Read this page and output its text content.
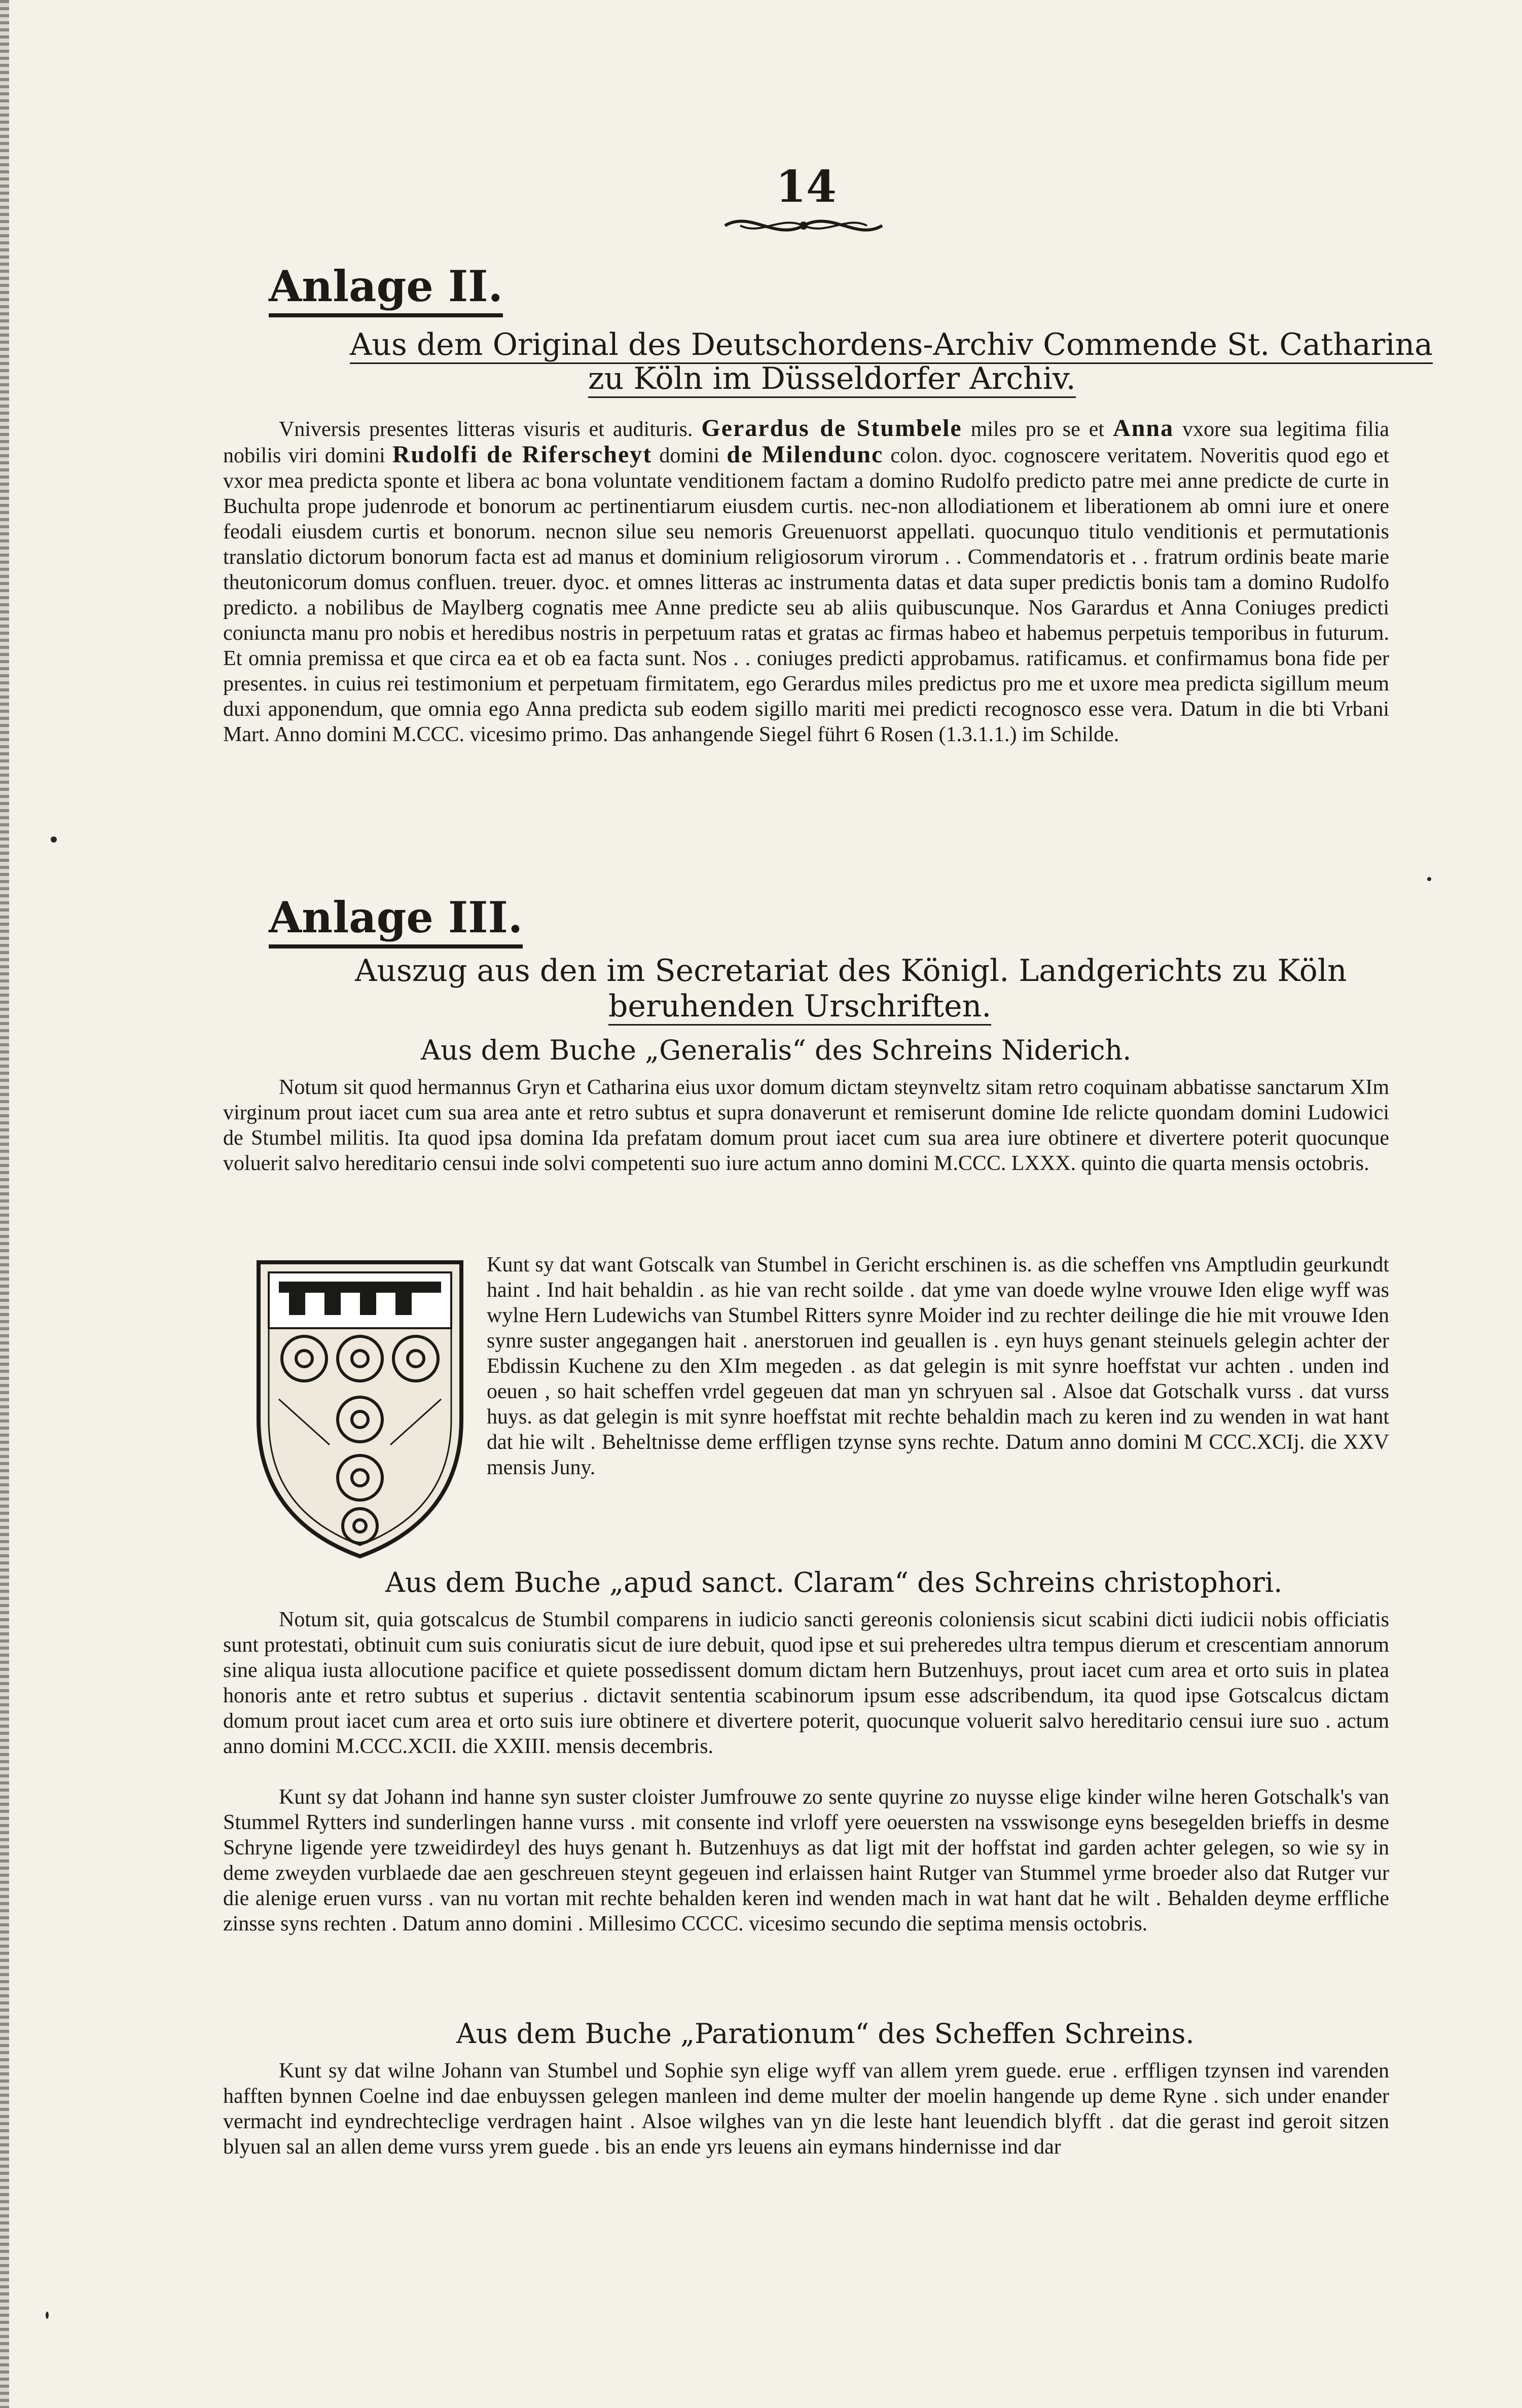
14
Anlage II.
Aus dem Original des Deutschordens-Archiv Commende St. Catharina
zu Köln im Düsseldorfer Archiv.
Vniversis presentes litteras visuris et audituris. Gerardus de Stumbele miles pro se et Anna vxore sua legitima filia nobilis viri domini Rudolfi de Riferscheyt domini de Milendunc colon. dyoc. cognoscere veritatem. Noveritis quod ego et vxor mea predicta sponte et libera ac bona voluntate venditionem factam a domino Rudolfo predicto patre mei anne predicte de curte in Buchulta prope judenrode et bonorum ac pertinentiarum eiusdem curtis. nec-non allodiationem et liberationem ab omni iure et onere feodali eiusdem curtis et bonorum. necnon silue seu nemoris Greuenuorst appellati. quocunquo titulo venditionis et permutationis translatio dictorum bonorum facta est ad manus et dominium religiosorum virorum . . Commendatoris et . . fratrum ordinis beate marie theutonicorum domus confluen. treuer. dyoc. et omnes litteras ac instrumenta datas et data super predictis bonis tam a domino Rudolfo predicto. a nobilibus de Maylberg cognatis mee Anne predicte seu ab aliis quibuscunque. Nos Garardus et Anna Coniuges predicti coniuncta manu pro nobis et heredibus nostris in perpetuum ratas et gratas ac firmas habeo et habemus perpetuis temporibus in futurum. Et omnia premissa et que circa ea et ob ea facta sunt. Nos . . coniuges predicti approbamus. ratificamus. et confirmamus bona fide per presentes. in cuius rei testimonium et perpetuam firmitatem, ego Gerardus miles predictus pro me et uxore mea predicta sigillum meum duxi apponendum, que omnia ego Anna predicta sub eodem sigillo mariti mei predicti recognosco esse vera. Datum in die bti Vrbani Mart. Anno domini M.CCC. vicesimo primo. Das anhangende Siegel führt 6 Rosen (1.3.1.1.) im Schilde.
Anlage III.
Auszug aus den im Secretariat des Königl. Landgerichts zu Köln
beruhenden Urschriften.
Aus dem Buche „Generalis“ des Schreins Niderich.
Notum sit quod hermannus Gryn et Catharina eius uxor domum dictam steynveltz sitam retro coquinam abbatisse sanctarum XIm virginum prout iacet cum sua area ante et retro subtus et supra donaverunt et remiserunt domine Ide relicte quondam domini Ludowici de Stumbel militis. Ita quod ipsa domina Ida prefatam domum prout iacet cum sua area iure obtinere et divertere poterit quocunque voluerit salvo hereditario censui inde solvi competenti suo iure actum anno domini M.CCC. LXXX. quinto die quarta mensis octobris.
Kunt sy dat want Gotscalk van Stumbel in Gericht erschinen is. as die scheffen vns Amptludin geurkundt haint . Ind hait behaldin . as hie van recht soilde . dat yme van doede wylne vrouwe Iden elige wyff was wylne Hern Ludewichs van Stumbel Ritters synre Moider ind zu rechter deilinge die hie mit vrouwe Iden synre suster angegangen hait . anerstoruen ind geuallen is . eyn huys genant steinuels gelegin achter der Ebdissin Kuchene zu den XIm megeden . as dat gelegin is mit synre hoeffstat vur achten . unden ind oeuen , so hait scheffen vrdel gegeuen dat man yn schryuen sal . Alsoe dat Gotschalk vurss . dat vurss huys. as dat gelegin is mit synre hoeffstat mit rechte behaldin mach zu keren ind zu wenden in wat hant dat hie wilt . Beheltnisse deme erffligen tzynse syns rechte. Datum anno domini M CCC.XCIj. die XXV mensis Juny.
Aus dem Buche „apud sanct. Claram“ des Schreins christophori.
Notum sit, quia gotscalcus de Stumbil comparens in iudicio sancti gereonis coloniensis sicut scabini dicti iudicii nobis officiatis sunt protestati, obtinuit cum suis coniuratis sicut de iure debuit, quod ipse et sui preheredes ultra tempus dierum et crescentiam annorum sine aliqua iusta allocutione pacifice et quiete possedissent domum dictam hern Butzenhuys, prout iacet cum area et orto suis in platea honoris ante et retro subtus et superius . dictavit sententia scabinorum ipsum esse adscribendum, ita quod ipse Gotscalcus dictam domum prout iacet cum area et orto suis iure obtinere et divertere poterit, quocunque voluerit salvo hereditario censui iure suo . actum anno domini M.CCC.XCII. die XXIII. mensis decembris.
Kunt sy dat Johann ind hanne syn suster cloister Jumfrouwe zo sente quyrine zo nuysse elige kinder wilne heren Gotschalk's van Stummel Rytters ind sunderlingen hanne vurss . mit consente ind vrloff yere oeuersten na vsswisonge eyns besegelden brieffs in desme Schryne ligende yere tzweidirdeyl des huys genant h. Butzenhuys as dat ligt mit der hoffstat ind garden achter gelegen, so wie sy in deme zweyden vurblaede dae aen geschreuen steynt gegeuen ind erlaissen haint Rutger van Stummel yrme broeder also dat Rutger vur die alenige eruen vurss . van nu vortan mit rechte behalden keren ind wenden mach in wat hant dat he wilt . Behalden deyme erffliche zinsse syns rechten . Datum anno domini . Millesimo CCCC. vicesimo secundo die septima mensis octobris.
Aus dem Buche „Parationum“ des Scheffen Schreins.
Kunt sy dat wilne Johann van Stumbel und Sophie syn elige wyff van allem yrem guede. erue . erffligen tzynsen ind varenden hafften bynnen Coelne ind dae enbuyssen gelegen manleen ind deme multer der moelin hangende up deme Ryne . sich under enander vermacht ind eyndrechteclige verdragen haint . Alsoe wilghes van yn die leste hant leuendich blyfft . dat die gerast ind geroit sitzen blyuen sal an allen deme vurss yrem guede . bis an ende yrs leuens ain eymans hindernisse ind dar
